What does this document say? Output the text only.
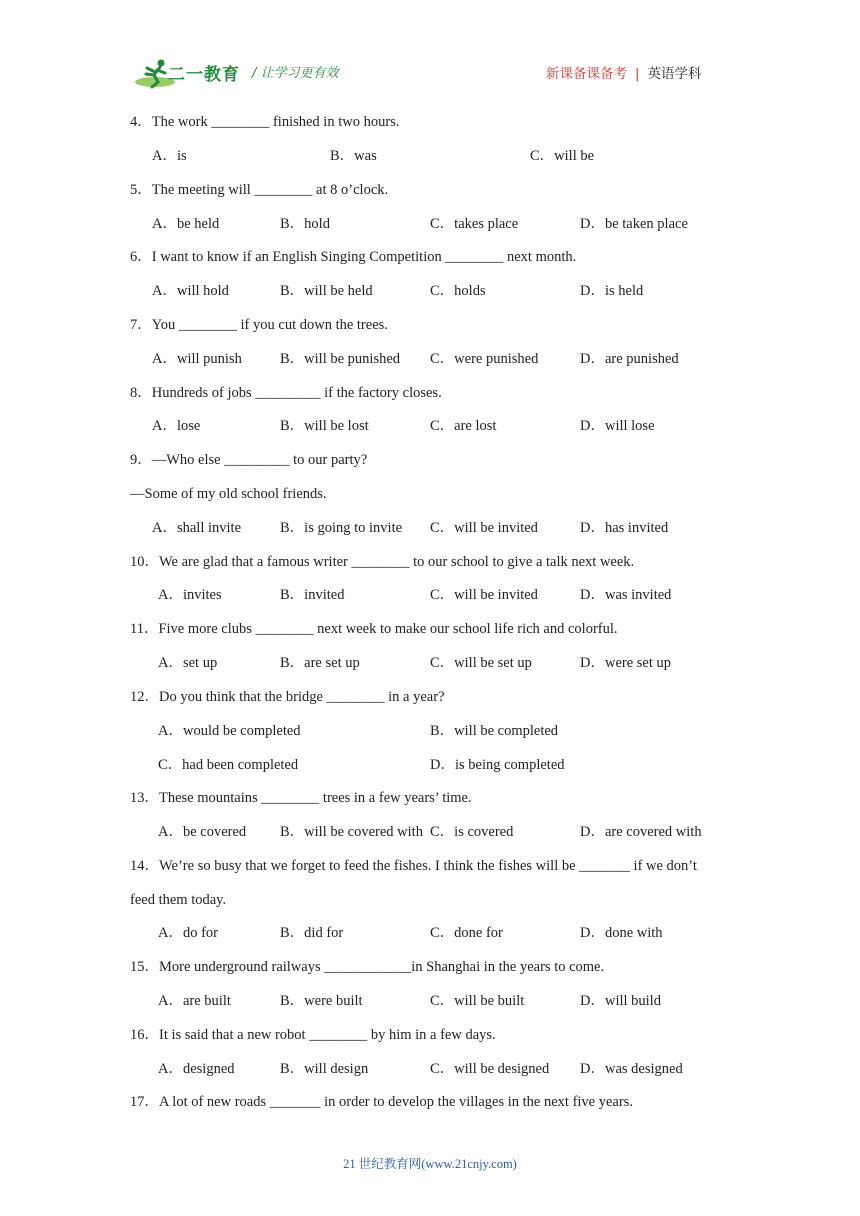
二一教育 / 让学习更有效	新课备课备考 | 英语学科
4．The work ________ finished in two hours.
A．is	B．was	C．will be
5．The meeting will ________ at 8 o’clock.
A．be held	B．hold	C．takes place	D．be taken place
6．I want to know if an English Singing Competition ________ next month.
A．will hold	B．will be held	C．holds	D．is held
7．You ________ if you cut down the trees.
A．will punish	B．will be punished C．were punished	D．are punished
8．Hundreds of jobs _________ if the factory closes.
A．lose	B．will be lost	C．are lost	D．will lose
9．—Who else _________ to our party?
—Some of my old school friends.
A．shall invite	B．is going to invite C．will be invited	D．has invited
10．We are glad that a famous writer ________ to our school to give a talk next week.
A．invites	B．invited	C．will be invited	D．was invited
11．Five more clubs ________ next week to make our school life rich and colorful.
A．set up	B．are set up	C．will be set up	D．were set up
12．Do you think that the bridge ________ in a year?
A．would be completed	B．will be completed
C．had been completed	D．is being completed
13．These mountains ________ trees in a few years’ time.
A．be covered B．will be covered with C．is covered	D．are covered with
14．We’re so busy that we forget to feed the fishes. I think the fishes will be _______ if we don’t
feed them today.
A．do for	B．did for	C．done for	D．done with
15．More underground railways ____________in Shanghai in the years to come.
A．are built	B．were built	C．will be built	D．will build
16．It is said that a new robot ________ by him in a few days.
A．designed	B．will design	C．will be designed D．was designed
17．A lot of new roads _______ in order to develop the villages in the next five years.
21 世纪教育网(www.21cnjy.com)
